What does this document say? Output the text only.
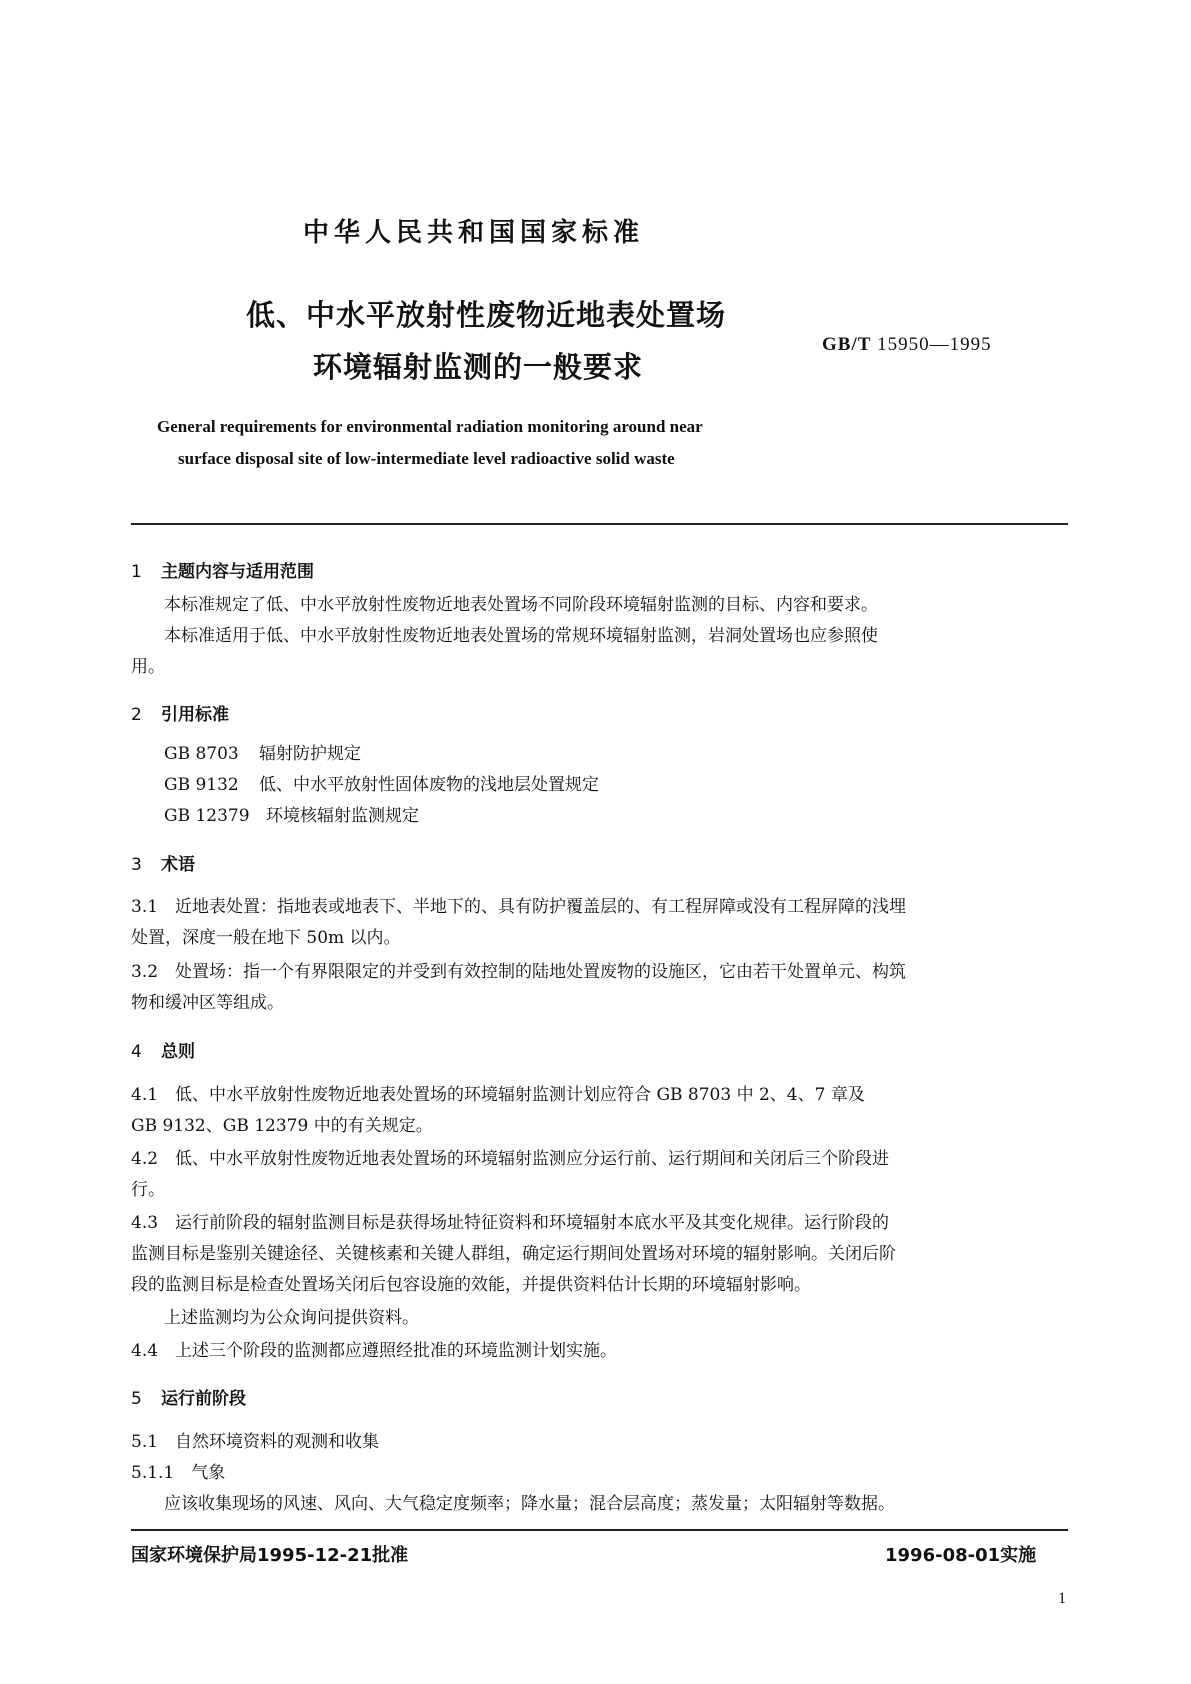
中华人民共和国国家标准
低、中水平放射性废物近地表处置场
环境辐射监测的一般要求
GB/T 15950—1995
General requirements for environmental radiation monitoring around near
surface disposal site of low-intermediate level radioactive solid waste
1 主题内容与适用范围
本标准规定了低、中水平放射性废物近地表处置场不同阶段环境辐射监测的目标、内容和要求。
本标准适用于低、中水平放射性废物近地表处置场的常规环境辐射监测，岩洞处置场也应参照使
用。
2 引用标准
GB 8703 辐射防护规定
GB 9132 低、中水平放射性固体废物的浅地层处置规定
GB 12379 环境核辐射监测规定
3 术语
3.1　近地表处置：指地表或地表下、半地下的、具有防护覆盖层的、有工程屏障或没有工程屏障的浅埋
处置，深度一般在地下 50m 以内。
3.2　处置场：指一个有界限限定的并受到有效控制的陆地处置废物的设施区，它由若干处置单元、构筑
物和缓冲区等组成。
4 总则
4.1　低、中水平放射性废物近地表处置场的环境辐射监测计划应符合 GB 8703 中 2、4、7 章及
GB 9132、GB 12379 中的有关规定。
4.2　低、中水平放射性废物近地表处置场的环境辐射监测应分运行前、运行期间和关闭后三个阶段进
行。
4.3　运行前阶段的辐射监测目标是获得场址特征资料和环境辐射本底水平及其变化规律。运行阶段的
监测目标是鉴别关键途径、关键核素和关键人群组，确定运行期间处置场对环境的辐射影响。关闭后阶
段的监测目标是检查处置场关闭后包容设施的效能，并提供资料估计长期的环境辐射影响。
上述监测均为公众询问提供资料。
4.4　上述三个阶段的监测都应遵照经批准的环境监测计划实施。
5 运行前阶段
5.1　自然环境资料的观测和收集
5.1.1　气象
应该收集现场的风速、风向、大气稳定度频率；降水量；混合层高度；蒸发量；太阳辐射等数据。
国家环境保护局1995-12-21批准	1996-08-01实施
1
